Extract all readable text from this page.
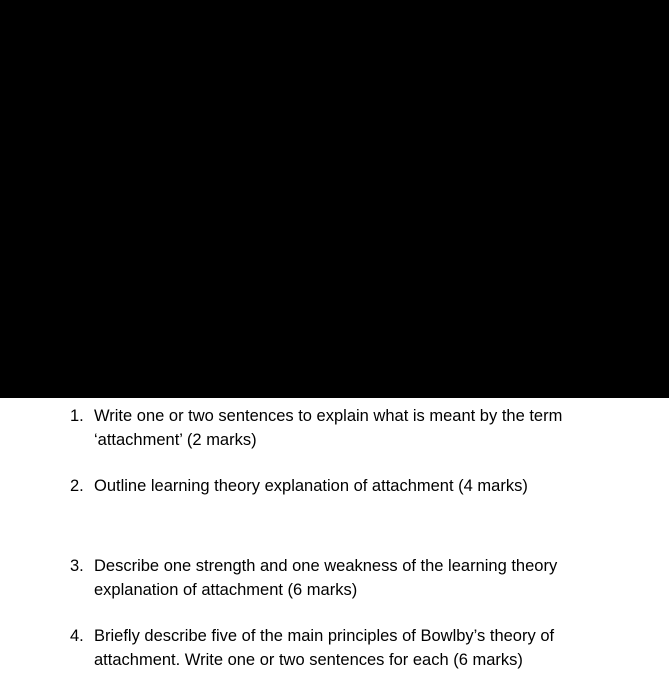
1. Write one or two sentences to explain what is meant by the term ‘attachment’ (2 marks)
2. Outline learning theory explanation of attachment (4 marks)
3. Describe one strength and one weakness of the learning theory explanation of attachment (6 marks)
4. Briefly describe five of the main principles of Bowlby’s theory of attachment. Write one or two sentences for each (6 marks)
